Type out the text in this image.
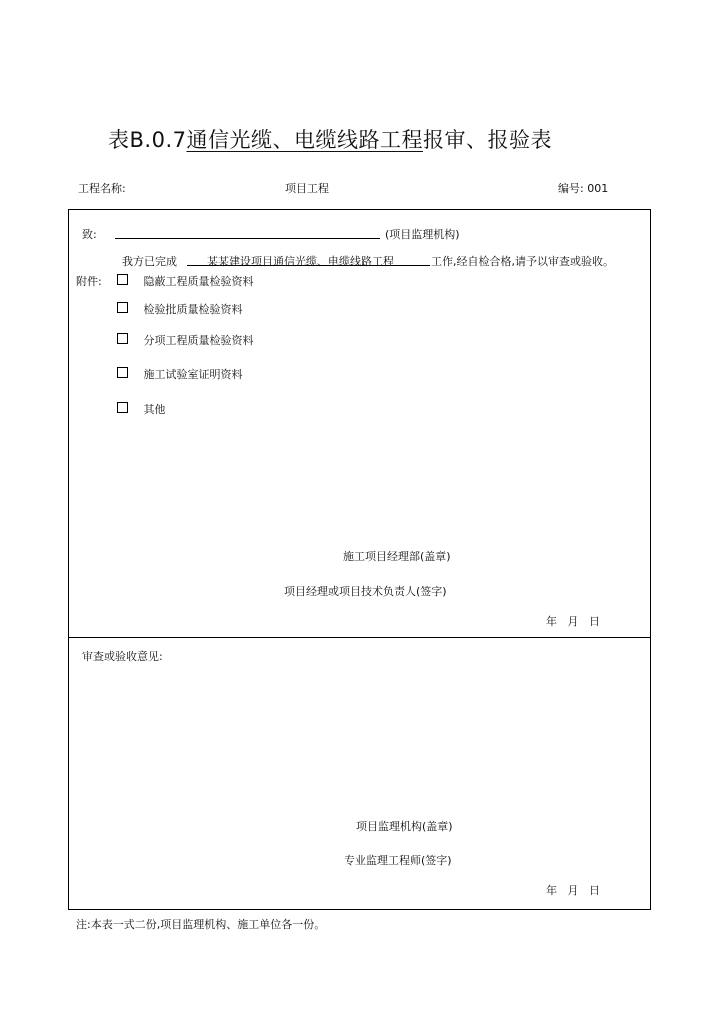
表B.0.7通信光缆、电缆线路工程报审、报验表
工程名称:	项目工程	编号: 001
致:	(项目监理机构)
我方已完成	某某建设项目通信光缆、电缆线路工程	工作,经自检合格,请予以审查或验收。
附件:	隐蔽工程质量检验资料
检验批质量检验资料
分项工程质量检验资料
施工试验室证明资料
其他
施工项目经理部(盖章)
项目经理或项目技术负责人(签字)
年   月   日
审查或验收意见:
项目监理机构(盖章)
专业监理工程师(签字)
年   月   日
注:本表一式二份,项目监理机构、施工单位各一份。
